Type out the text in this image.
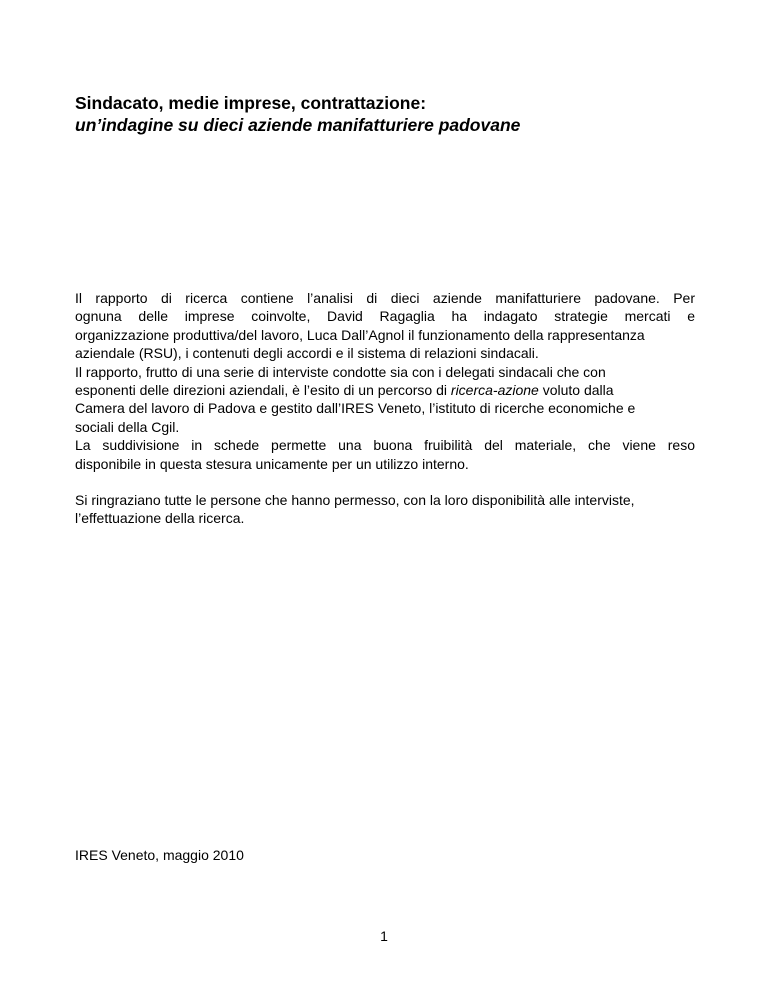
Sindacato, medie imprese, contrattazione:
un’indagine su dieci aziende manifatturiere padovane
Il rapporto di ricerca contiene l’analisi di dieci aziende manifatturiere padovane. Per
ognuna delle imprese coinvolte, David Ragaglia ha indagato strategie mercati e
organizzazione produttiva/del lavoro, Luca Dall’Agnol il funzionamento della rappresentanza
aziendale (RSU), i contenuti degli accordi e il sistema di relazioni sindacali.
Il rapporto, frutto di una serie di interviste condotte sia con i delegati sindacali che con
esponenti delle direzioni aziendali, è l’esito di un percorso di ricerca-azione voluto dalla
Camera del lavoro di Padova e gestito dall’IRES Veneto, l’istituto di ricerche economiche e
sociali della Cgil.
La suddivisione in schede permette una buona fruibilità del materiale, che viene reso
disponibile in questa stesura unicamente per un utilizzo interno.
Si ringraziano tutte le persone che hanno permesso, con la loro disponibilità alle interviste,
l’effettuazione della ricerca.
IRES Veneto, maggio 2010
1
